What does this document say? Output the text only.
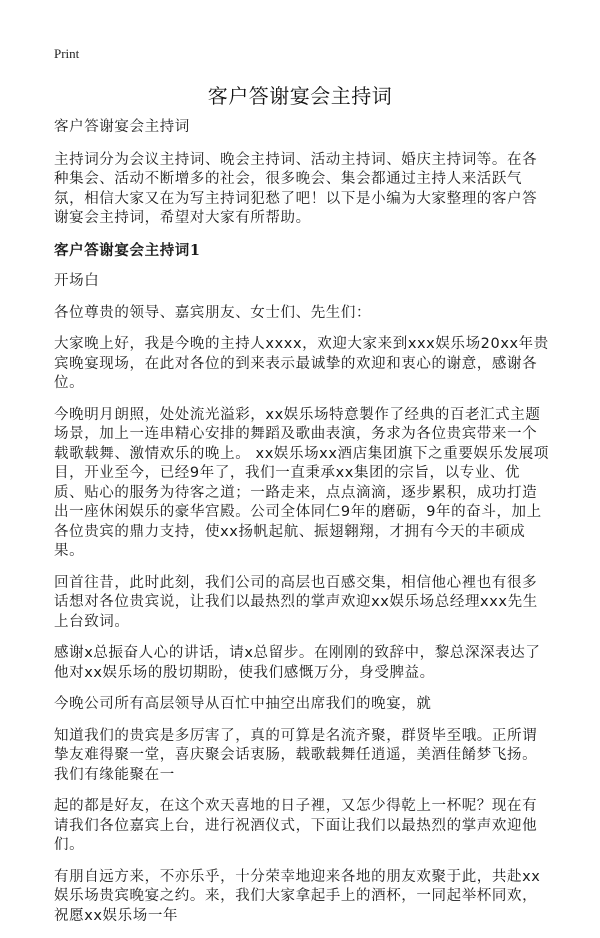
Print
客户答谢宴会主持词

客户答谢宴会主持词

主持词分为会议主持词、晚会主持词、活动主持词、婚庆主持词等。在各种集会、活动不断增多的社会，很多晚会、集会都通过主持人来活跃气氛，相信大家又在为写主持词犯愁了吧！以下是小编为大家整理的客户答谢宴会主持词，希望对大家有所帮助。

客户答谢宴会主持词1

开场白

各位尊贵的领导、嘉宾朋友、女士们、先生们：

大家晚上好，我是今晚的主持人xxxx，欢迎大家来到xxx娱乐场20xx年贵宾晚宴现场，在此对各位的到来表示最诚挚的欢迎和衷心的谢意，感谢各位。

今晚明月朗照，处处流光溢彩，xx娱乐场特意製作了经典的百老汇式主题场景，加上一连串精心安排的舞蹈及歌曲表演，务求为各位贵宾带来一个载歌载舞、激情欢乐的晚上。 xx娱乐场xx酒店集团旗下之重要娱乐发展项目，开业至今，已经9年了，我们一直秉承xx集团的宗旨，以专业、优质、贴心的服务为待客之道；一路走来，点点滴滴，逐步累积，成功打造出一座休闲娱乐的豪华宫殿。公司全体同仁9年的磨砺，9年的奋斗，加上各位贵宾的鼎力支持，使xx扬帆起航、振翅翱翔，才拥有今天的丰硕成果。

回首往昔，此时此刻，我们公司的高层也百感交集，相信他心裡也有很多话想对各位贵宾说，让我们以最热烈的掌声欢迎xx娱乐场总经理xxx先生上台致词。

感谢x总振奋人心的讲话，请x总留步。在刚刚的致辞中，黎总深深表达了他对xx娱乐场的殷切期盼，使我们感慨万分，身受脾益。

今晚公司所有高层领导从百忙中抽空出席我们的晚宴，就

知道我们的贵宾是多厉害了，真的可算是名流齐聚，群贤毕至哦。正所谓挚友难得聚一堂，喜庆聚会话衷肠，载歌载舞任逍遥，美酒佳餚梦飞扬。我们有缘能聚在一

起的都是好友，在这个欢天喜地的日子裡，又怎少得乾上一杯呢？现在有请我们各位嘉宾上台，进行祝酒仪式，下面让我们以最热烈的掌声欢迎他们。

有朋自远方来，不亦乐乎，十分荣幸地迎来各地的朋友欢聚于此，共赴xx娱乐场贵宾晚宴之约。来，我们大家拿起手上的酒杯，一同起举杯同欢，祝愿xx娱乐场一年
